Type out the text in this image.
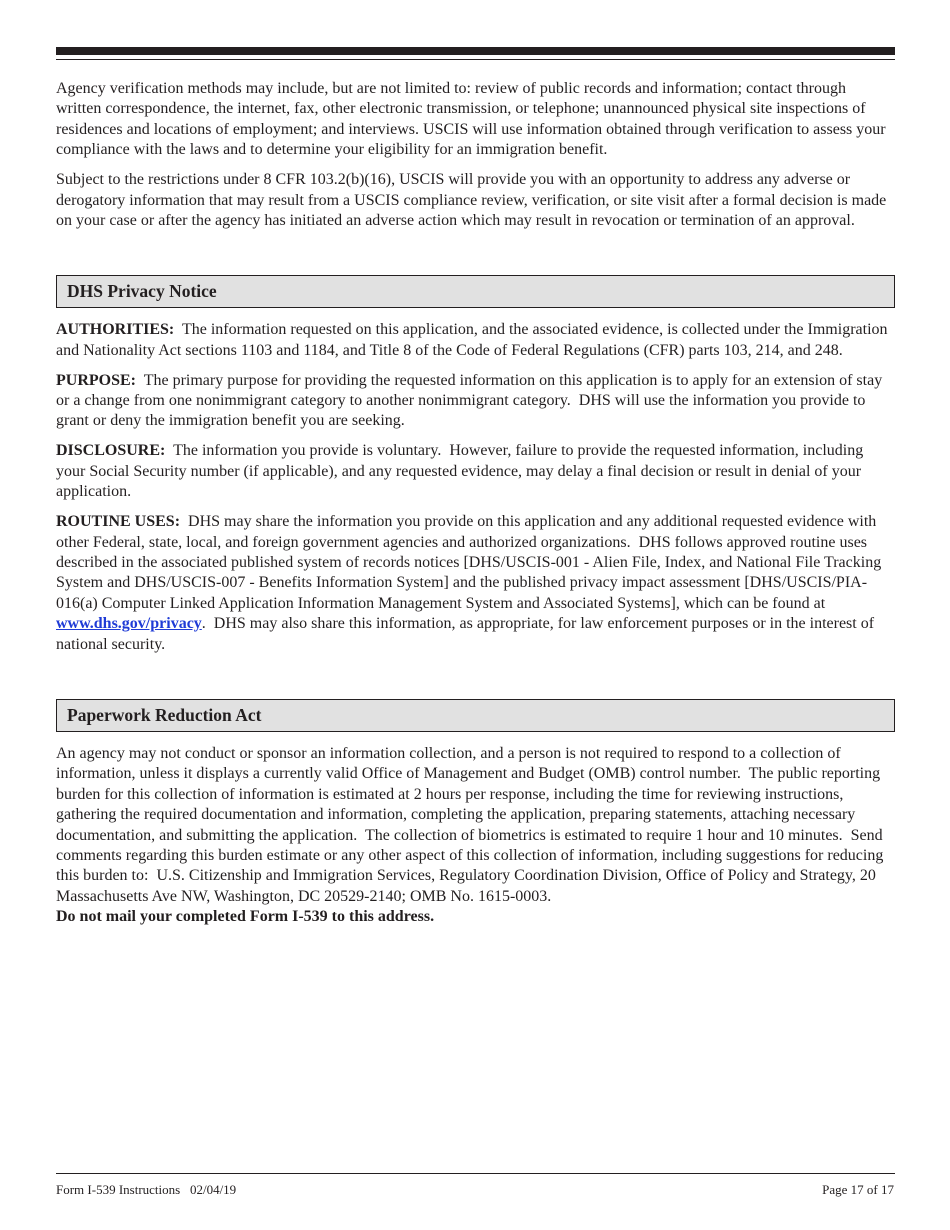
Agency verification methods may include, but are not limited to: review of public records and information; contact through written correspondence, the internet, fax, other electronic transmission, or telephone; unannounced physical site inspections of residences and locations of employment; and interviews. USCIS will use information obtained through verification to assess your compliance with the laws and to determine your eligibility for an immigration benefit.

Subject to the restrictions under 8 CFR 103.2(b)(16), USCIS will provide you with an opportunity to address any adverse or derogatory information that may result from a USCIS compliance review, verification, or site visit after a formal decision is made on your case or after the agency has initiated an adverse action which may result in revocation or termination of an approval.

DHS Privacy Notice

AUTHORITIES:  The information requested on this application, and the associated evidence, is collected under the Immigration and Nationality Act sections 1103 and 1184, and Title 8 of the Code of Federal Regulations (CFR) parts 103, 214, and 248.

PURPOSE:  The primary purpose for providing the requested information on this application is to apply for an extension of stay or a change from one nonimmigrant category to another nonimmigrant category.  DHS will use the information you provide to grant or deny the immigration benefit you are seeking.

DISCLOSURE:  The information you provide is voluntary.  However, failure to provide the requested information, including your Social Security number (if applicable), and any requested evidence, may delay a final decision or result in denial of your application.

ROUTINE USES:  DHS may share the information you provide on this application and any additional requested evidence with other Federal, state, local, and foreign government agencies and authorized organizations.  DHS follows approved routine uses described in the associated published system of records notices [DHS/USCIS-001 - Alien File, Index, and National File Tracking System and DHS/USCIS-007 - Benefits Information System] and the published privacy impact assessment [DHS/USCIS/PIA-016(a) Computer Linked Application Information Management System and Associated Systems], which can be found at www.dhs.gov/privacy.  DHS may also share this information, as appropriate, for law enforcement purposes or in the interest of national security.

Paperwork Reduction Act

An agency may not conduct or sponsor an information collection, and a person is not required to respond to a collection of information, unless it displays a currently valid Office of Management and Budget (OMB) control number.  The public reporting burden for this collection of information is estimated at 2 hours per response, including the time for reviewing instructions, gathering the required documentation and information, completing the application, preparing statements, attaching necessary documentation, and submitting the application.  The collection of biometrics is estimated to require 1 hour and 10 minutes.  Send comments regarding this burden estimate or any other aspect of this collection of information, including suggestions for reducing this burden to:  U.S. Citizenship and Immigration Services, Regulatory Coordination Division, Office of Policy and Strategy, 20 Massachusetts Ave NW, Washington, DC 20529-2140; OMB No. 1615-0003.
Do not mail your completed Form I-539 to this address.

Form I-539 Instructions   02/04/19	Page 17 of 17
